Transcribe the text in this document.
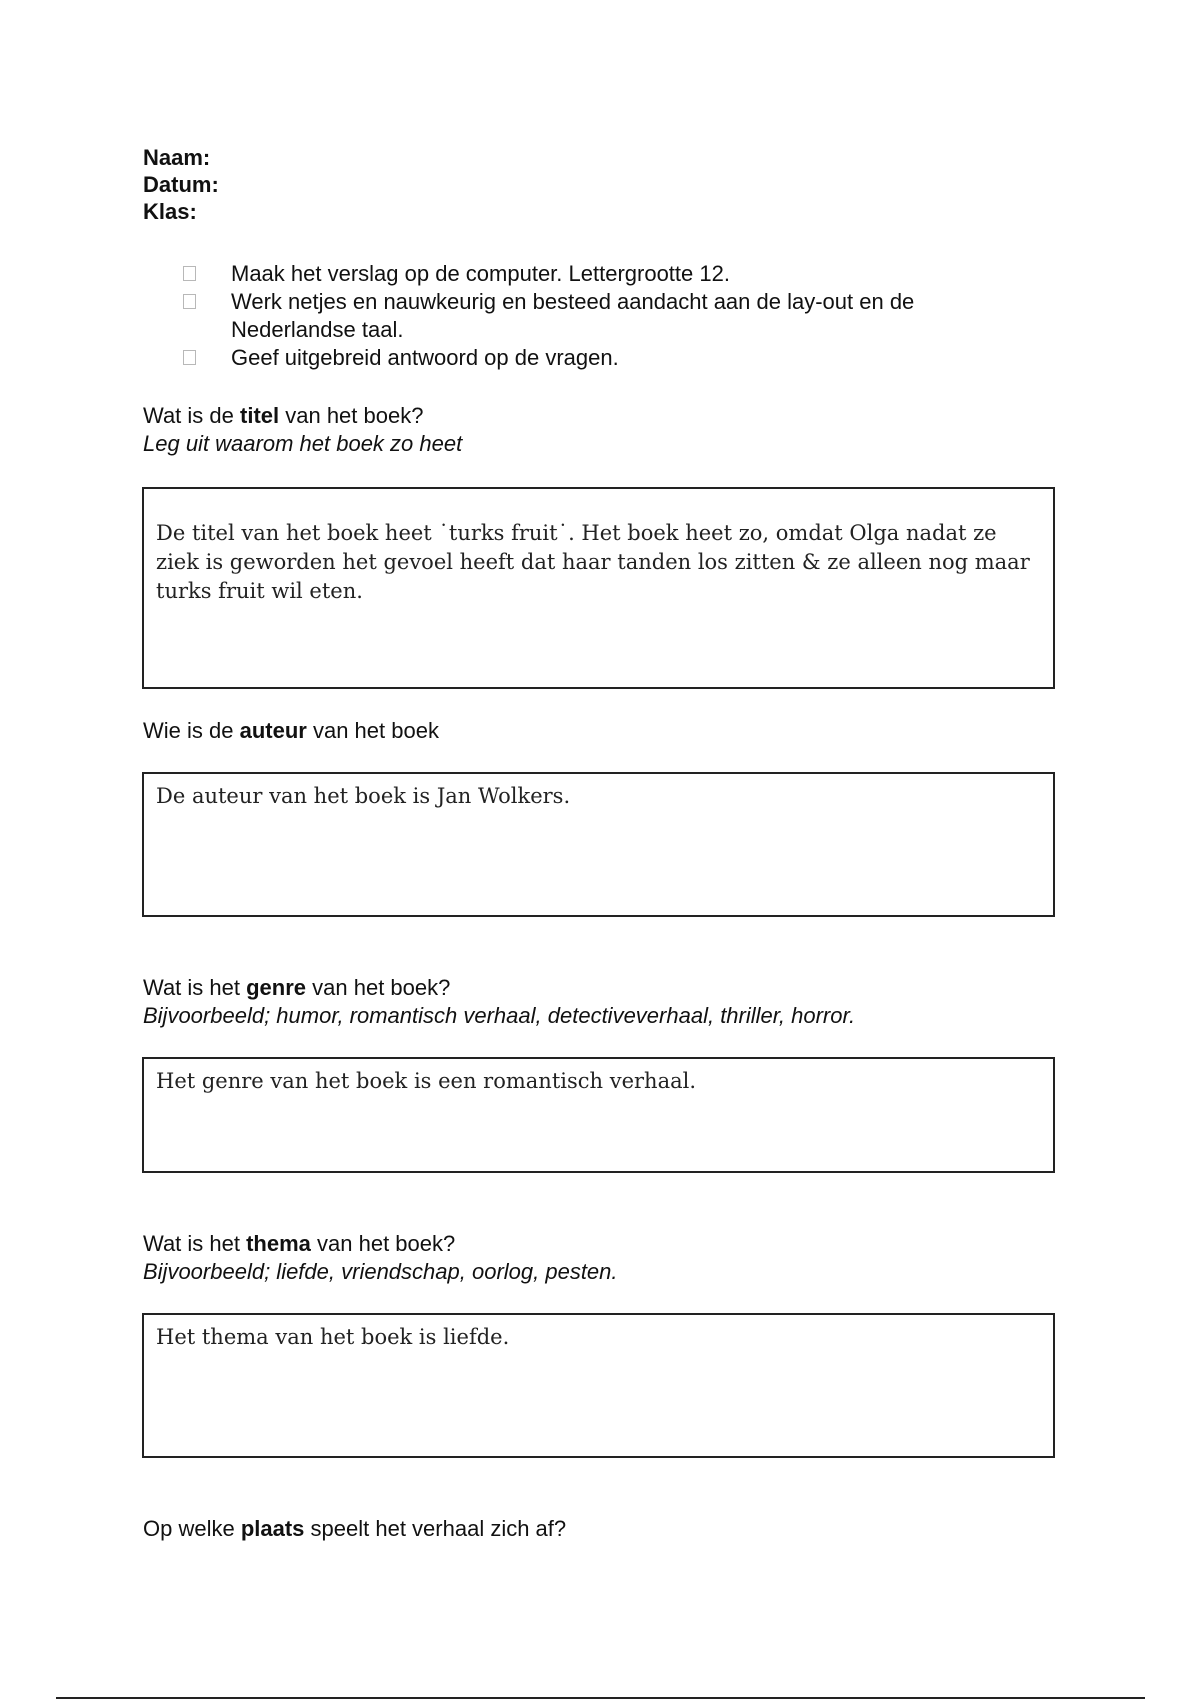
Naam:
Datum:
Klas:
Maak het verslag op de computer. Lettergrootte 12.
Werk netjes en nauwkeurig en besteed aandacht aan de lay-out en de Nederlandse taal.
Geef uitgebreid antwoord op de vragen.
Wat is de titel van het boek?
Leg uit waarom het boek zo heet
De titel van het boek heet ˙turks fruit˙. Het boek heet zo, omdat Olga nadat ze ziek is geworden het gevoel heeft dat haar tanden los zitten & ze alleen nog maar turks fruit wil eten.
Wie is de auteur van het boek
De auteur van het boek is Jan Wolkers.
Wat is het genre van het boek?
Bijvoorbeeld; humor, romantisch verhaal, detectiveverhaal, thriller, horror.
Het genre van het boek is een romantisch verhaal.
Wat is het thema van het boek?
Bijvoorbeeld; liefde, vriendschap, oorlog, pesten.
Het thema van het boek is liefde.
Op welke plaats speelt het verhaal zich af?
